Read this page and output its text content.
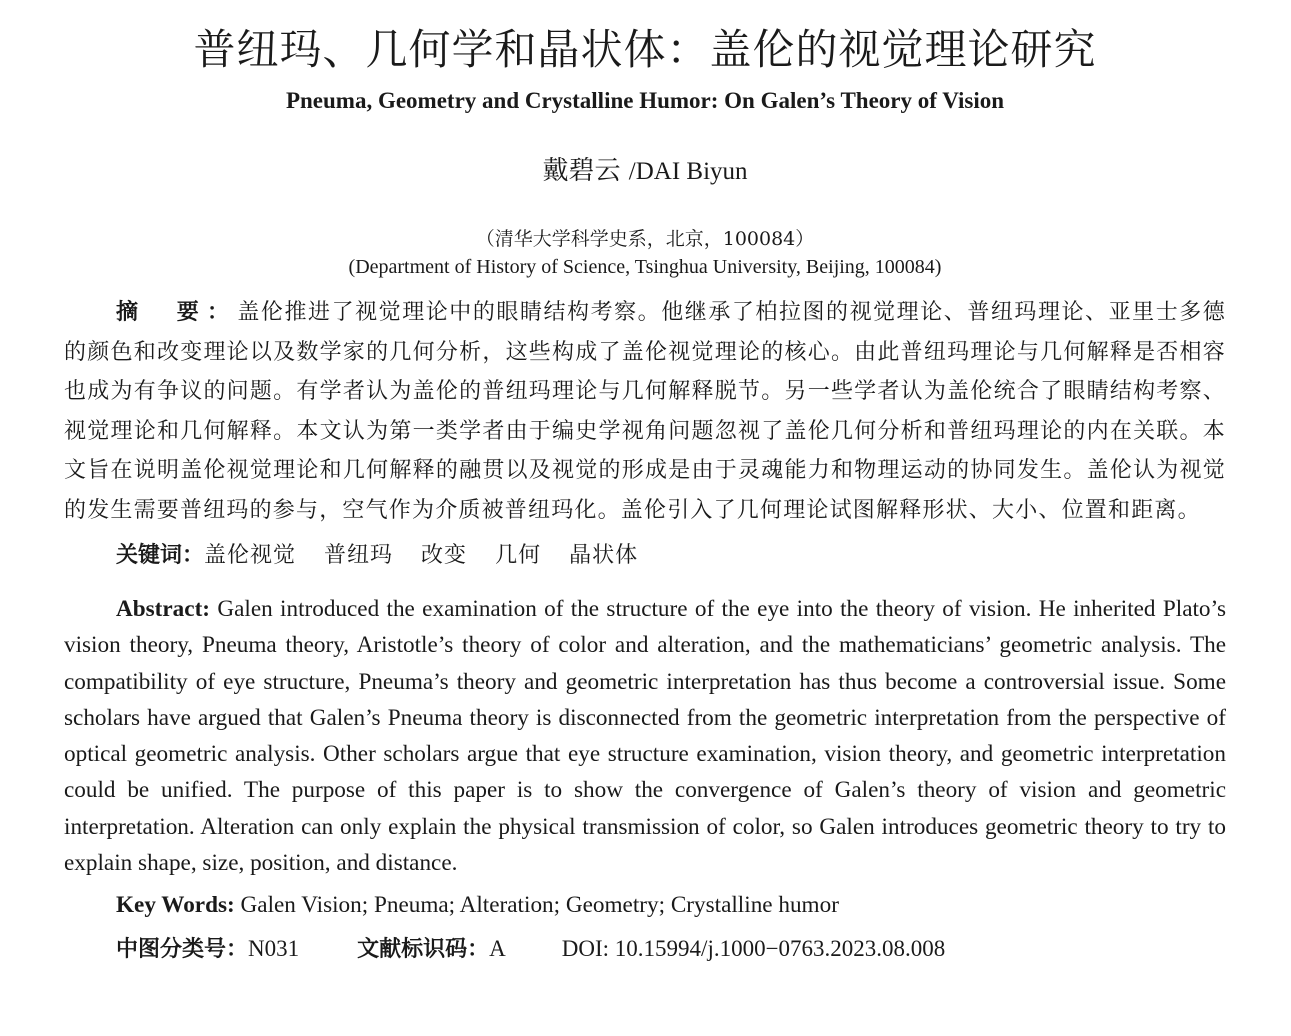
普纽玛、几何学和晶状体：盖伦的视觉理论研究
Pneuma, Geometry and Crystalline Humor: On Galen’s Theory of Vision
戴碧云 /DAI Biyun
（清华大学科学史系，北京，100084）
(Department of History of Science, Tsinghua University, Beijing, 100084)
摘　要：盖伦推进了视觉理论中的眼睛结构考察。他继承了柏拉图的视觉理论、普纽玛理论、亚里士多德的颜色和改变理论以及数学家的几何分析，这些构成了盖伦视觉理论的核心。由此普纽玛理论与几何解释是否相容也成为有争议的问题。有学者认为盖伦的普纽玛理论与几何解释脱节。另一些学者认为盖伦统合了眼睛结构考察、视觉理论和几何解释。本文认为第一类学者由于编史学视角问题忽视了盖伦几何分析和普纽玛理论的内在关联。本文旨在说明盖伦视觉理论和几何解释的融贯以及视觉的形成是由于灵魂能力和物理运动的协同发生。盖伦认为视觉的发生需要普纽玛的参与，空气作为介质被普纽玛化。盖伦引入了几何理论试图解释形状、大小、位置和距离。
关键词：盖伦视觉 普纽玛 改变 几何 晶状体
Abstract: Galen introduced the examination of the structure of the eye into the theory of vision. He inherited Plato’s vision theory, Pneuma theory, Aristotle’s theory of color and alteration, and the mathematicians’ geometric analysis. The compatibility of eye structure, Pneuma’s theory and geometric interpretation has thus become a controversial issue. Some scholars have argued that Galen’s Pneuma theory is disconnected from the geometric interpretation from the perspective of optical geometric analysis. Other scholars argue that eye structure examination, vision theory, and geometric interpretation could be unified. The purpose of this paper is to show the convergence of Galen’s theory of vision and geometric interpretation. Alteration can only explain the physical transmission of color, so Galen introduces geometric theory to try to explain shape, size, position, and distance.
Key Words: Galen Vision; Pneuma; Alteration; Geometry; Crystalline humor
中图分类号：N031	文献标识码：A DOI: 10.15994/j.1000−0763.2023.08.008
